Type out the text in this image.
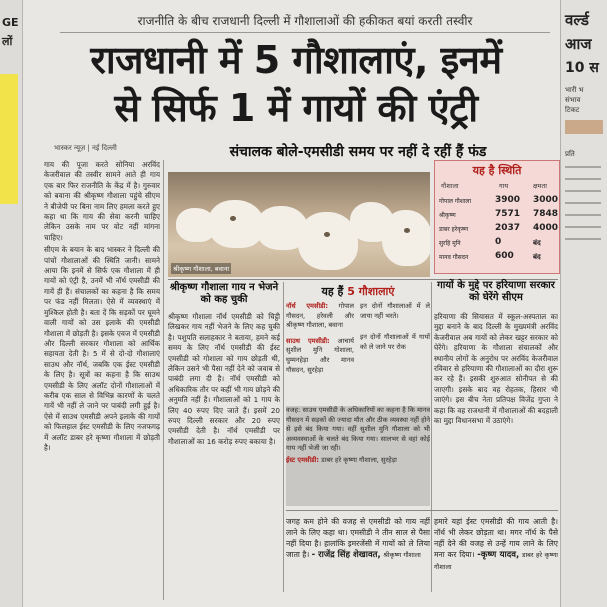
GE
लों
वर्ल्ड
आज
10 स
भारी भ
संभाव
टिकट
प्रति
राजनीति के बीच राजधानी दिल्ली में गौशालाओं की हकीकत बयां करती तस्वीर
राजधानी में 5 गौशालाएं, इनमें
से सिर्फ 1 में गायों की एंट्री
भास्कर न्यूज़ | नई दिल्ली	संचालक बोले-एमसीडी समय पर नहीं दे रहीं हैं फंड

गाय की पूजा करते सोनिया अरविंद केजरीवाल की तस्वीर सामने आते ही गाय एक बार फिर राजनीति के केंद्र में है। गुरुवार को बवाना की श्रीकृष्ण गौशाला पहुंचे सीएम ने बीजेपी पर बिना नाम लिए हमला करते हुए कहा था कि गाय की सेवा करनी चाहिए लेकिन उसके नाम पर वोट नहीं मांगना चाहिए।

सीएम के बयान के बाद भास्कर ने दिल्ली की पांचों गौशालाओं की स्थिति जानी। सामने आया कि इनमें से सिर्फ एक गौशाला में ही गायों को एंट्री है, उनमें भी नॉर्थ एमसीडी की गायें ही हैं। संचालकों का कहना है कि समय पर फंड नहीं मिलता। ऐसे में व्यवस्थाएं में मुश्किल होती है। बता दें कि सड़कों पर घूमने वाली गायों को उस इलाके की एमसीडी गौशाला में छोड़ती है। इसके एवज में एमसीडी और दिल्ली सरकार गौशाला को आर्थिक सहायता देती है। 5 में से दो-दो गौशालाएं साउथ और नॉर्थ, जबकि एक ईस्ट एमसीडी के लिए है। सूत्रों का कहना है कि साउथ एमसीडी के लिए अलॉट दोनों गौशालाओं में करीब एक साल से विभिन्न कारणों के चलते गायें भी नहीं ले जाने पर पाबंदी लगी हुई है। ऐसे में साउथ एमसीडी अपने इलाके की गायों को फिलहाल ईस्ट एमसीडी के लिए नजफगढ़ में अलॉट डाबर हरे कृष्णा गौशाला में छोड़ती है।

श्रीकृष्ण गौशाला, बवाना
यह है स्थिति
गौशाला	गाय	क्षमता
गोपाल गौशाला	3900 3000
श्रीकृष्ण	7571 7848
डाबर हरेकृष्ण	2037 4000
सुरहि मुनि	0	बंद
मानव गौसदन	600	बंद
श्रीकृष्ण गौशाला गाय न भेजने को कह चुकी
यह हैं 5 गौशालाएं	गायों के मुद्दे पर हरियाणा सरकार को घेरेंगे सीएम

श्रीकृष्ण गौशाला नॉर्थ एमसीडी को चिट्ठी लिखकर गाय नहीं भेजने के लिए कह चुकी है। पशुपति सलाहकार ने बताया, हमने कई समय के लिए नॉर्थ एमसीडी की ईस्ट एमसीडी को गोशाला को गाय छोड़ती थी, लेकिन उसने भी पैसा नहीं देने को जवाब से पाबंदी लगा दी है। नॉर्थ एमसीडी को अधिकारिक तौर पर कहीं भी गाय छोड़ने की अनुमति नहीं है। गौशालाओं को 1 गाय के लिए 40 रुपए दिए जाते हैं। इसमें 20 रुपए दिल्ली सरकार और 20 रुपए एमसीडी देती है। नॉर्थ एमसीडी पर गौशालाओं का 16 करोड़ रुपए बकाया है।

नॉर्थ एमसीडी: गोपाल गौसदन, हरेवली और श्रीकृष्ण गौशाला, बवाना

साउथ एमसीडी: आचार्य सुशील मुनि गोशाला, घुम्मनहेड़ा और मानव गौसदन, सुरहेड़ा

इन दोनों गौशालाओं में ले जाया नहीं भरते।

इन दोनों गौशालाओं में गायों को ले जाने पर रोक

वजह: साउथ एमसीडी के अधिकारियों का कहना है कि मानव गौसदन में सड़कों की ज्यादा मौत और ठीक व्यवस्था नहीं होने से इसे बंद किया गया। वहीं सुशील मुनि गौशाला को भी अव्यवस्थाओं के चलते बंद किया गया। सालभर से वहां कोई गाय नहीं भेजी जा रही।

ईस्ट एमसीडी: डाबर हरे कृष्णा गौशाला, सुरहेड़ा

हरियाणा की सियासत में स्कूल-अस्पताल का मुद्दा बनाने के बाद दिल्ली के मुख्यमंत्री अरविंद केजरीवाल अब गायों को लेकर खट्टर सरकार को घेरेंगे। हरियाणा के गौशाला संचालकों और स्थानीय लोगों के अनुरोध पर अरविंद केजरीवाल रविवार से हरियाणा की गौशालाओं का दौरा शुरू कर रहे हैं। इसकी शुरुआत सोनीपत से की जाएगी। इसके बाद वह रोहतक, हिसार भी जाएंगे। इस बीच नेता प्रतिपक्ष विजेंद्र गुप्ता ने कहा कि वह राजधानी में गौशालाओं की बदहाली का मुद्दा विधानसभा में उठाएंगे।

जगह कम होने की वजह से एमसीडी को गाय नहीं लाने के लिए कहा था। एमसीडी ने तीन साल से पैसा नहीं दिया है। हालांकि इमरजेंसी में गायों को ले लिया जाता है। - राजेंद्र सिंह शेखावत, श्रीकृष्ण गौशाला
हमारे यहां ईस्ट एमसीडी की गाय आती है। नॉर्थ भी लेकर छोड़ता था। मगर नॉर्थ के पैसे नहीं देने की वजह से उन्हें गाय लाने के लिए मना कर दिया। -कृष्ण यादव, डाबर हरे कृष्णा गौशाला
